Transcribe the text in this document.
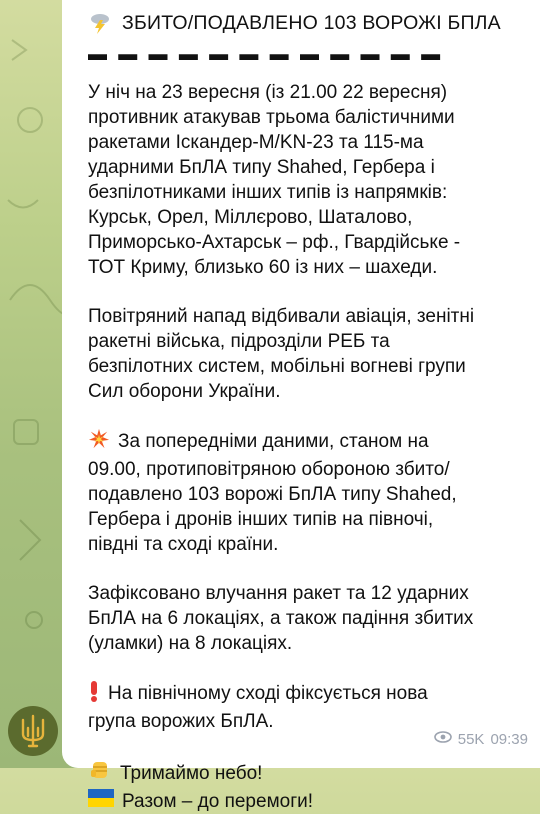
ЗБИТО/ПОДАВЛЕНО 103 ВОРОЖІ БПЛА
▬ ▬ ▬ ▬ ▬ ▬ ▬ ▬ ▬ ▬ ▬ ▬

У ніч на 23 вересня (із 21.00 22 вересня)
противник атакував трьома балістичними
ракетами Іскандер-М/KN-23 та 115-ма
ударними БпЛА типу Shahed, Гербера і
безпілотниками інших типів із напрямків:
Курськ, Орел, Міллєрово, Шаталово,
Приморсько-Ахтарськ – рф., Гвардійське -
ТОТ Криму, близько 60 із них – шахеди.

Повітряний напад відбивали авіація, зенітні
ракетні війська, підрозділи РЕБ та
безпілотних систем, мобільні вогневі групи
Сил оборони України.

За попередніми даними, станом на
09.00, протиповітряною обороною збито/
подавлено 103 ворожі БпЛА типу Shahed,
Гербера і дронів інших типів на півночі,
півдні та сході країни.

Зафіксовано влучання ракет та 12 ударних
БпЛА на 6 локаціях, а також падіння збитих
(уламки) на 8 локаціях.

На північному сході фіксується нова
група ворожих БпЛА.

Тримаймо небо!
Разом – до перемоги!
55K 09:39
